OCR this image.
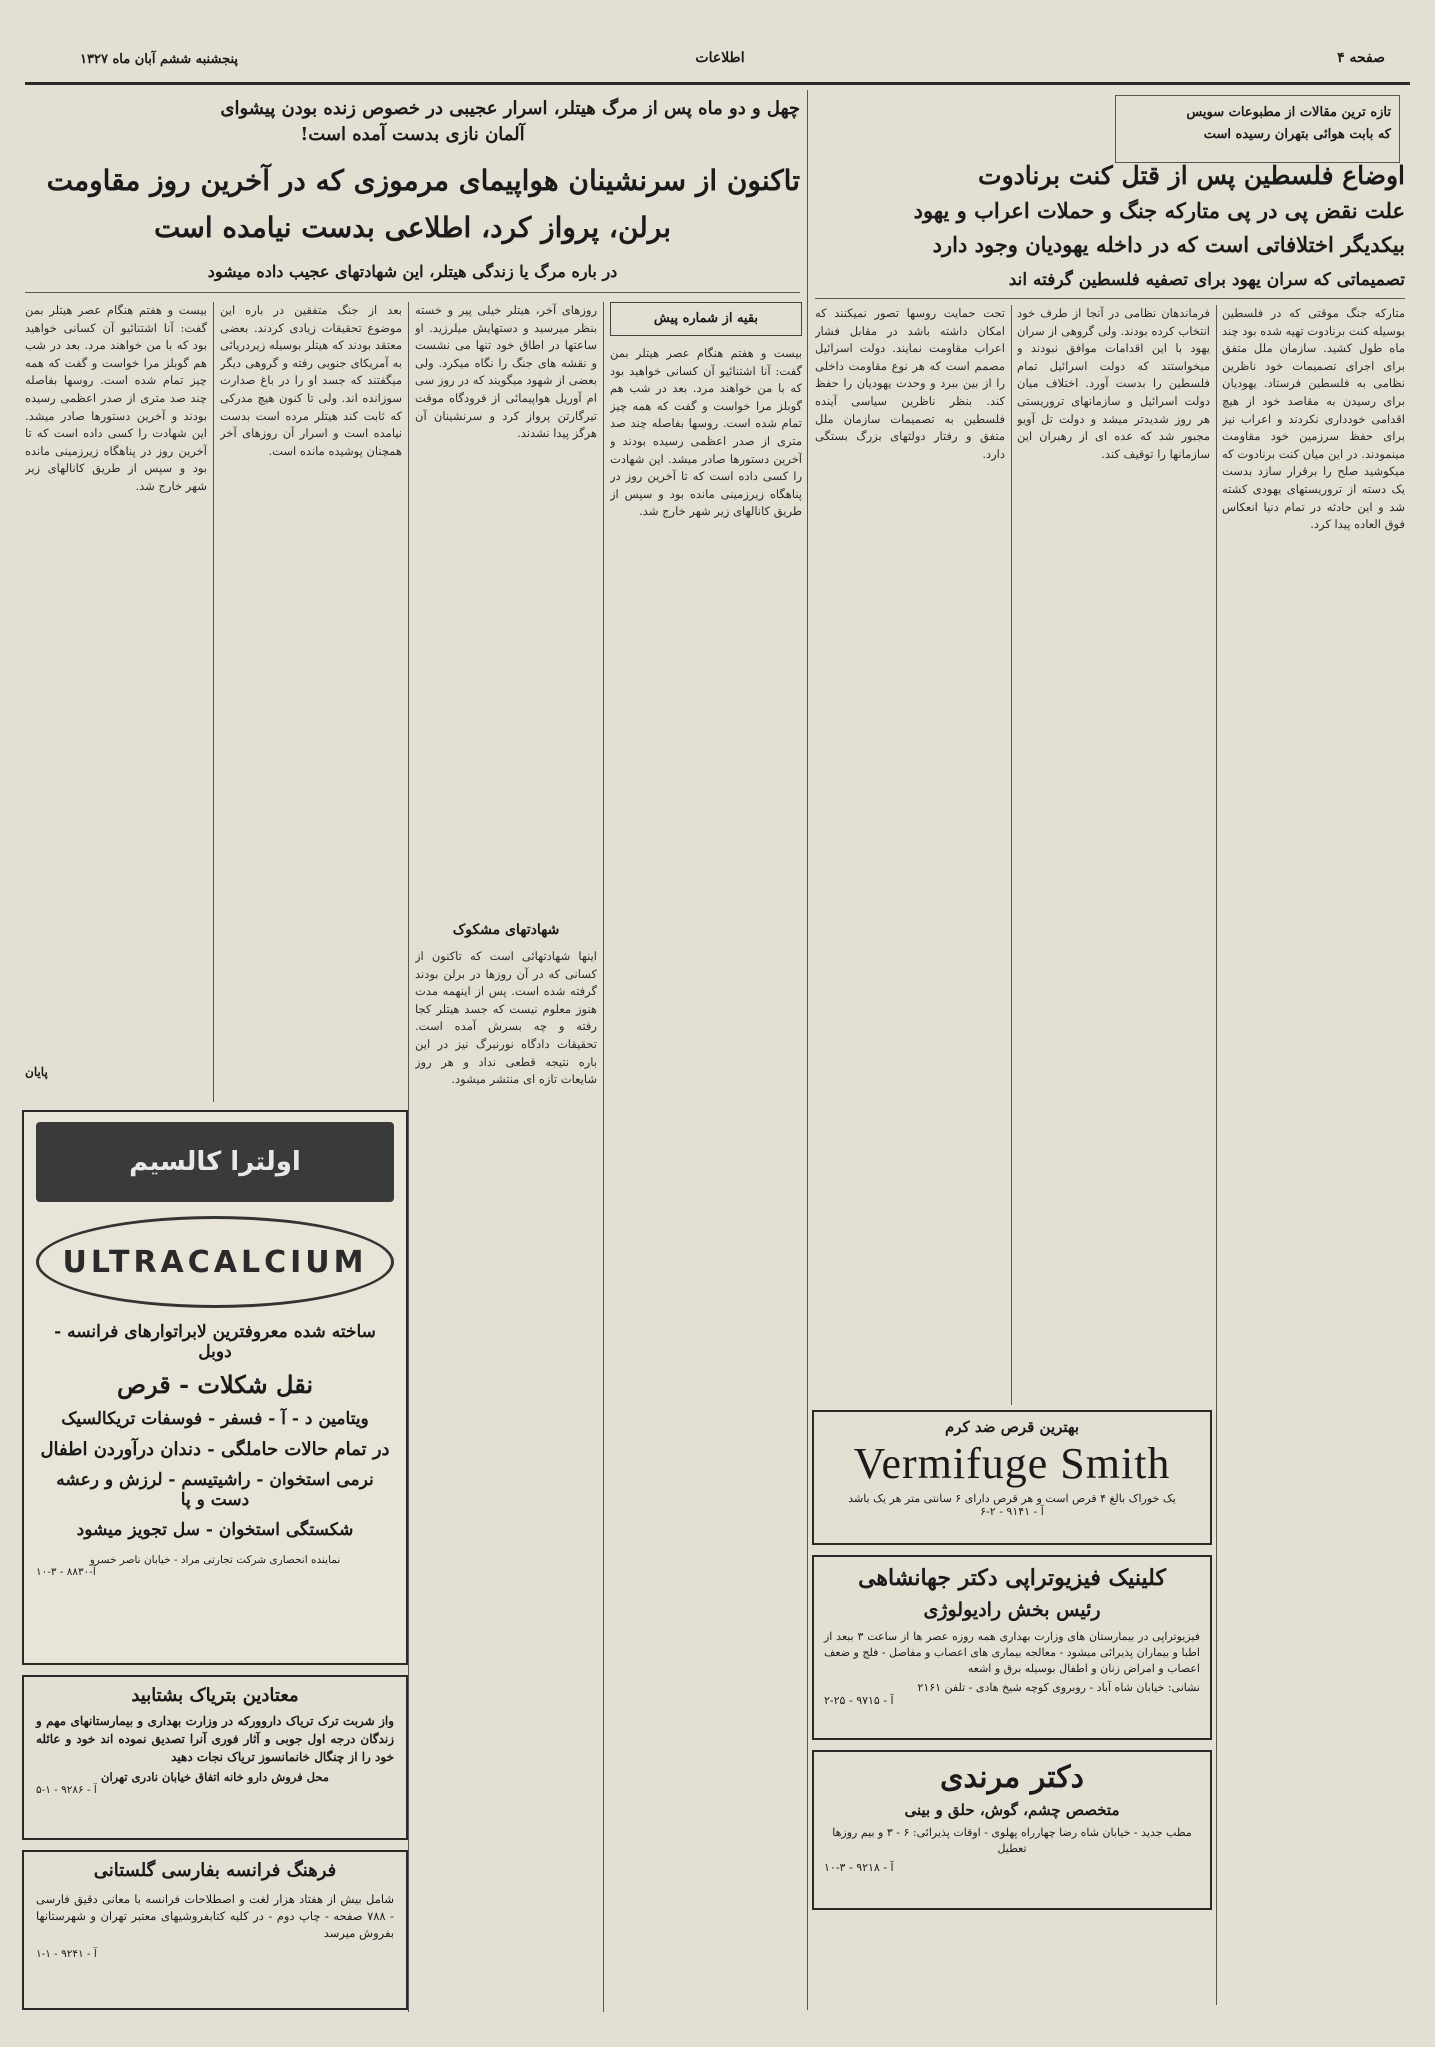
صفحه ۴
اطلاعات
پنجشنبه ششم آبان ماه ۱۳۲۷
تازه ترین مقالات از مطبوعات سویس
که بابت هوائی بتهران رسیده است
اوضاع فلسطین پس از قتل کنت برنادوت
علت نقض پی در پی متارکه جنگ و حملات اعراب و یهود
بیکدیگر اختلافاتی است که در داخله یهودیان وجود دارد
تصمیماتی که سران یهود برای تصفیه فلسطین گرفته اند
متارکه جنگ موقتی که در فلسطین بوسیله کنت برنادوت تهیه شده بود چند ماه طول کشید. سازمان ملل متفق برای اجرای تصمیمات خود ناظرین نظامی به فلسطین فرستاد. یهودیان برای رسیدن به مقاصد خود از هیچ اقدامی خودداری نکردند و اعراب نیز برای حفظ سرزمین خود مقاومت مینمودند. در این میان کنت برنادوت که میکوشید صلح را برقرار سازد بدست یک دسته از تروریستهای یهودی کشته شد و این حادثه در تمام دنیا انعکاس فوق العاده پیدا کرد.
فرماندهان نظامی در آنجا از طرف خود انتخاب کرده بودند. ولی گروهی از سران یهود با این اقدامات موافق نبودند و میخواستند که دولت اسرائیل تمام فلسطین را بدست آورد. اختلاف میان دولت اسرائیل و سازمانهای تروریستی هر روز شدیدتر میشد و دولت تل آویو مجبور شد که عده ای از رهبران این سازمانها را توقیف کند.
تحت حمایت روسها تصور نمیکنند که امکان داشته باشد در مقابل فشار اعراب مقاومت نمایند. دولت اسرائیل مصمم است که هر نوع مقاومت داخلی را از بین ببرد و وحدت یهودیان را حفظ کند. بنظر ناظرین سیاسی آینده فلسطین به تصمیمات سازمان ملل متفق و رفتار دولتهای بزرگ بستگی دارد.
بهترین قرص ضد کرم
Vermifuge Smith
یک خوراک بالغ ۴ قرص است و هر قرص دارای ۶ سانتی متر هر یک باشد
آ - ۹۱۴۱ - ۲-۶
کلینیک فیزیوتراپی دکتر جهانشاهی
رئیس بخش رادیولوژی
فیزیوتراپی در بیمارستان های وزارت بهداری همه روزه عصر ها از ساعت ۳ ببعد از اطبا و بیماران پذیرائی میشود - معالجه بیماری های اعصاب و مفاصل - فلج و ضعف اعصاب و امراض زنان و اطفال بوسیله برق و اشعه
نشانی: خیابان شاه آباد - روبروی کوچه شیخ هادی - تلفن ۲۱۶۱
آ - ۹۷۱۵ - ۲۵-۲
دکتر مرندی
متخصص چشم، گوش، حلق و بینی
مطب جدید - خیابان شاه رضا چهارراه پهلوی - اوقات پذیرائی: ۶ - ۳ و بیم روزها تعطیل
آ - ۹۲۱۸ - ۳-۱۰
چهل و دو ماه پس از مرگ هیتلر، اسرار عجیبی در خصوص زنده بودن پیشوای
آلمان نازی بدست آمده است!
تاکنون از سرنشینان هواپیمای مرموزی که در آخرین روز مقاومت
برلن، پرواز کرد، اطلاعی بدست نیامده است
در باره مرگ یا زندگی هیتلر، این شهادتهای عجیب داده میشود
بقیه از شماره پیش
بیست و هفتم هنگام عصر هیتلر بمن گفت: آنا اشتنائیو آن کسانی خواهید بود که با من خواهند مرد. بعد در شب هم گوبلز مرا خواست و گفت که همه چیز تمام شده است. روسها بفاصله چند صد متری از صدر اعظمی رسیده بودند و آخرین دستورها صادر میشد. این شهادت را کسی داده است که تا آخرین روز در پناهگاه زیرزمینی مانده بود و سپس از طریق کانالهای زیر شهر خارج شد.
روزهای آخر، هیتلر خیلی پیر و خسته بنظر میرسید و دستهایش میلرزید. او ساعتها در اطاق خود تنها می نشست و نقشه های جنگ را نگاه میکرد. ولی بعضی از شهود میگویند که در روز سی ام آوریل هواپیمائی از فرودگاه موقت تیرگارتن پرواز کرد و سرنشینان آن هرگز پیدا نشدند.
شهادتهای مشکوک
اینها شهادتهائی است که تاکنون از کسانی که در آن روزها در برلن بودند گرفته شده است. پس از اینهمه مدت هنوز معلوم نیست که جسد هیتلر کجا رفته و چه بسرش آمده است. تحقیقات دادگاه نورنبرگ نیز در این باره نتیجه قطعی نداد و هر روز شایعات تازه ای منتشر میشود.
بعد از جنگ متفقین در باره این موضوع تحقیقات زیادی کردند. بعضی معتقد بودند که هیتلر بوسیله زیردریائی به آمریکای جنوبی رفته و گروهی دیگر میگفتند که جسد او را در باغ صدارت سوزانده اند. ولی تا کنون هیچ مدرکی که ثابت کند هیتلر مرده است بدست نیامده است و اسرار آن روزهای آخر همچنان پوشیده مانده است.
بیست و هفتم هنگام عصر هیتلر بمن گفت: آنا اشتنائیو آن کسانی خواهید بود که با من خواهند مرد. بعد در شب هم گوبلز مرا خواست و گفت که همه چیز تمام شده است. روسها بفاصله چند صد متری از صدر اعظمی رسیده بودند و آخرین دستورها صادر میشد. این شهادت را کسی داده است که تا آخرین روز در پناهگاه زیرزمینی مانده بود و سپس از طریق کانالهای زیر شهر خارج شد.
پایان
اولترا کالسیم
ULTRACALCIUM
ساخته شده معروفترین لابراتوارهای فرانسه - دوبل
نقل شکلات - قرص
ویتامین د - آ - فسفر - فوسفات تریکالسیک
در تمام حالات حاملگی - دندان درآوردن اطفال
نرمی استخوان - راشیتیسم - لرزش و رعشه دست و پا
شکستگی استخوان - سل تجویز میشود
نماینده انحصاری شرکت تجارتی مراد - خیابان ناصر خسرو
آ-۸۸۳۰ - ۳-۱۰
معتادین بتریاک بشتابید
واز شربت ترک تریاک داروورکه در وزارت بهداری و بیمارستانهای مهم و زندگان درجه اول جوبی و آثار فوری آنرا تصدیق نموده اند خود و عائله خود را از چنگال خانمانسوز تریاک نجات دهید
محل فروش دارو خانه اتفاق خیابان نادری تهران
آ - ۹۲۸۶ - ۱-۵
فرهنگ فرانسه بفارسی گلستانی
شامل بیش از هفتاد هزار لغت و اصطلاحات فرانسه با معانی دقیق فارسی - ۷۸۸ صفحه - چاپ دوم - در کلیه کتابفروشیهای معتبر تهران و شهرستانها بفروش میرسد
آ - ۹۲۴۱ - ۱-۱
